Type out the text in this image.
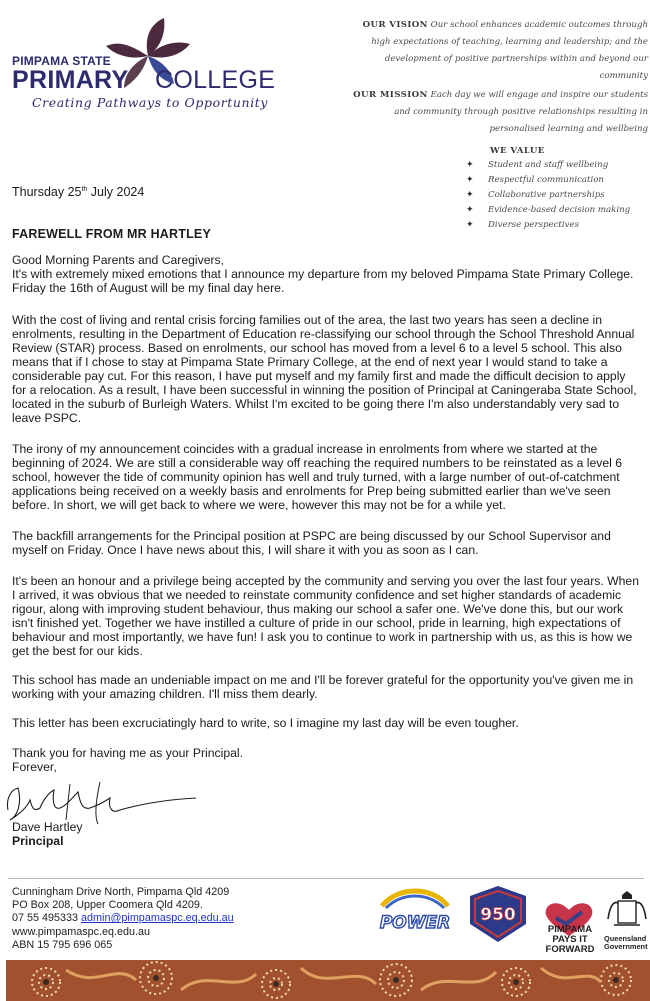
PIMPAMA STATE
PRIMARY COLLEGE
Creating Pathways to Opportunity
OUR VISION Our school enhances academic outcomes through high expectations of teaching, learning and leadership; and the development of positive partnerships within and beyond our community
OUR MISSION Each day we will engage and inspire our students and community through positive relationships resulting in personalised learning and wellbeing
WE VALUE
✦ Student and staff wellbeing
✦ Respectful communication
✦ Collaborative partnerships
✦ Evidence-based decision making
✦ Diverse perspectives
Thursday 25th July 2024
FAREWELL FROM MR HARTLEY
Good Morning Parents and Caregivers,

It's with extremely mixed emotions that I announce my departure from my beloved Pimpama State Primary College. Friday the 16th of August will be my final day here.

With the cost of living and rental crisis forcing families out of the area, the last two years has seen a decline in enrolments, resulting in the Department of Education re-classifying our school through the School Threshold Annual Review (STAR) process. Based on enrolments, our school has moved from a level 6 to a level 5 school. This also means that if I chose to stay at Pimpama State Primary College, at the end of next year I would stand to take a considerable pay cut. For this reason, I have put myself and my family first and made the difficult decision to apply for a relocation. As a result, I have been successful in winning the position of Principal at Caningeraba State School, located in the suburb of Burleigh Waters. Whilst I'm excited to be going there I'm also understandably very sad to leave PSPC.

The irony of my announcement coincides with a gradual increase in enrolments from where we started at the beginning of 2024. We are still a considerable way off reaching the required numbers to be reinstated as a level 6 school, however the tide of community opinion has well and truly turned, with a large number of out-of-catchment applications being received on a weekly basis and enrolments for Prep being submitted earlier than we've seen before. In short, we will get back to where we were, however this may not be for a while yet.

The backfill arrangements for the Principal position at PSPC are being discussed by our School Supervisor and myself on Friday. Once I have news about this, I will share it with you as soon as I can.

It's been an honour and a privilege being accepted by the community and serving you over the last four years. When I arrived, it was obvious that we needed to reinstate community confidence and set higher standards of academic rigour, along with improving student behaviour, thus making our school a safer one. We've done this, but our work isn't finished yet. Together we have instilled a culture of pride in our school, pride in learning, high expectations of behaviour and most importantly, we have fun! I ask you to continue to work in partnership with us, as this is how we get the best for our kids.

This school has made an undeniable impact on me and I'll be forever grateful for the opportunity you've given me in working with your amazing children. I'll miss them dearly.

This letter has been excruciatingly hard to write, so I imagine my last day will be even tougher.

Thank you for having me as your Principal.
Forever,
Dave Hartley
Principal
Cunningham Drive North, Pimpama Qld 4209
PO Box 208, Upper Coomera Qld 4209.
07 55 495333 admin@pimpamaspc.eq.edu.au
www.pimpamaspc.eq.edu.au
ABN 15 795 696 065
POWER 950
PIMPAMA
PAYS IT
FORWARD
Queensland
Government
